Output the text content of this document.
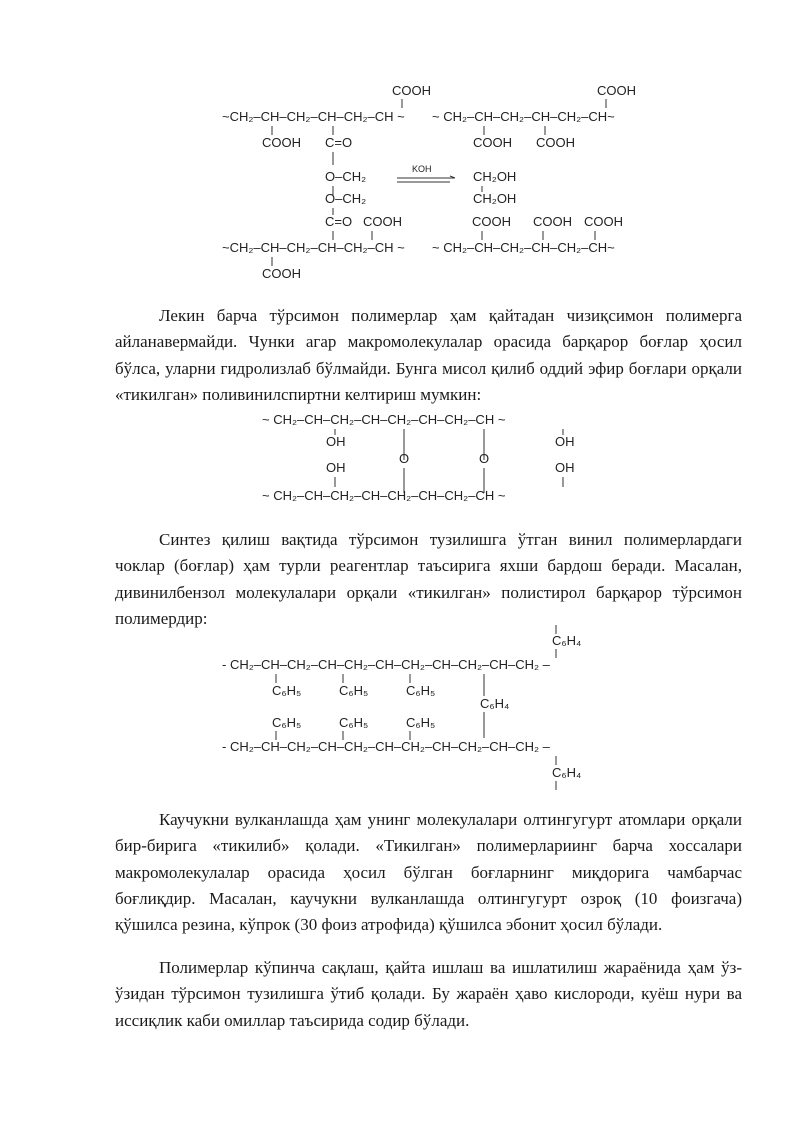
COOH
~CH₂–CH–CH₂–CH–CH₂–CH ~
COOH C=O
O–CH₂
O–CH₂
C=O COOH
~CH₂–CH–CH₂–CH–CH₂–CH ~
COOH
KOH
COOH
~ CH₂–CH–CH₂–CH–CH₂–CH~
COOH COOH
CH₂OH
CH₂OH
COOH COOH COOH
~ CH₂–CH–CH₂–CH–CH₂–CH~
~ CH₂–CH–CH₂–CH–CH₂–CH–CH₂–CH ~
OH	OH
O	O
OH	OH
~ CH₂–CH–CH₂–CH–CH₂–CH–CH₂–CH ~
C₆H₄
- CH₂–CH–CH₂–CH–CH₂–CH–CH₂–CH–CH₂–CH–CH₂ –
C₆H₅	C₆H₅	C₆H₅
C₆H₄
C₆H₅	C₆H₅	C₆H₅
- CH₂–CH–CH₂–CH–CH₂–CH–CH₂–CH–CH₂–CH–CH₂ –
C₆H₄

Лекин барча тўрсимон полимерлар ҳам қайтадан чизиқсимон полимерга айланавермайди. Чунки агар макромолекулалар орасида барқарор боғлар ҳосил бўлса, уларни гидролизлаб бўлмайди. Бунга мисол қилиб оддий эфир боғлари орқали «тикилган» поливинилспиртни келтириш мумкин:

Синтез қилиш вақтида тўрсимон тузилишга ўтган винил полимерлардаги чоклар (боғлар) ҳам турли реагентлар таъсирига яхши бардош беради. Масалан, дивинилбензол молекулалари орқали «тикилган» полистирол барқарор тўрсимон полимердир:

Каучукни вулканлашда ҳам унинг молекулалари олтингугурт атомлари орқали бир-бирига «тикилиб» қолади. «Тикилган» полимерлариинг барча хоссалари макромолекулалар орасида ҳосил бўлган боғларнинг миқдорига чамбарчас боғлиқдир. Масалан, каучукни вулканлашда олтингугурт озроқ (10 фоизгача) қўшилса резина, кўпрок (30 фоиз атрофида) қўшилса эбонит ҳосил бўлади.

Полимерлар кўпинча сақлаш, қайта ишлаш ва ишлатилиш жараёнида ҳам ўз-ўзидан тўрсимон тузилишга ўтиб қолади. Бу жараён ҳаво кислороди, куёш нури ва иссиқлик каби омиллар таъсирида содир бўлади.
